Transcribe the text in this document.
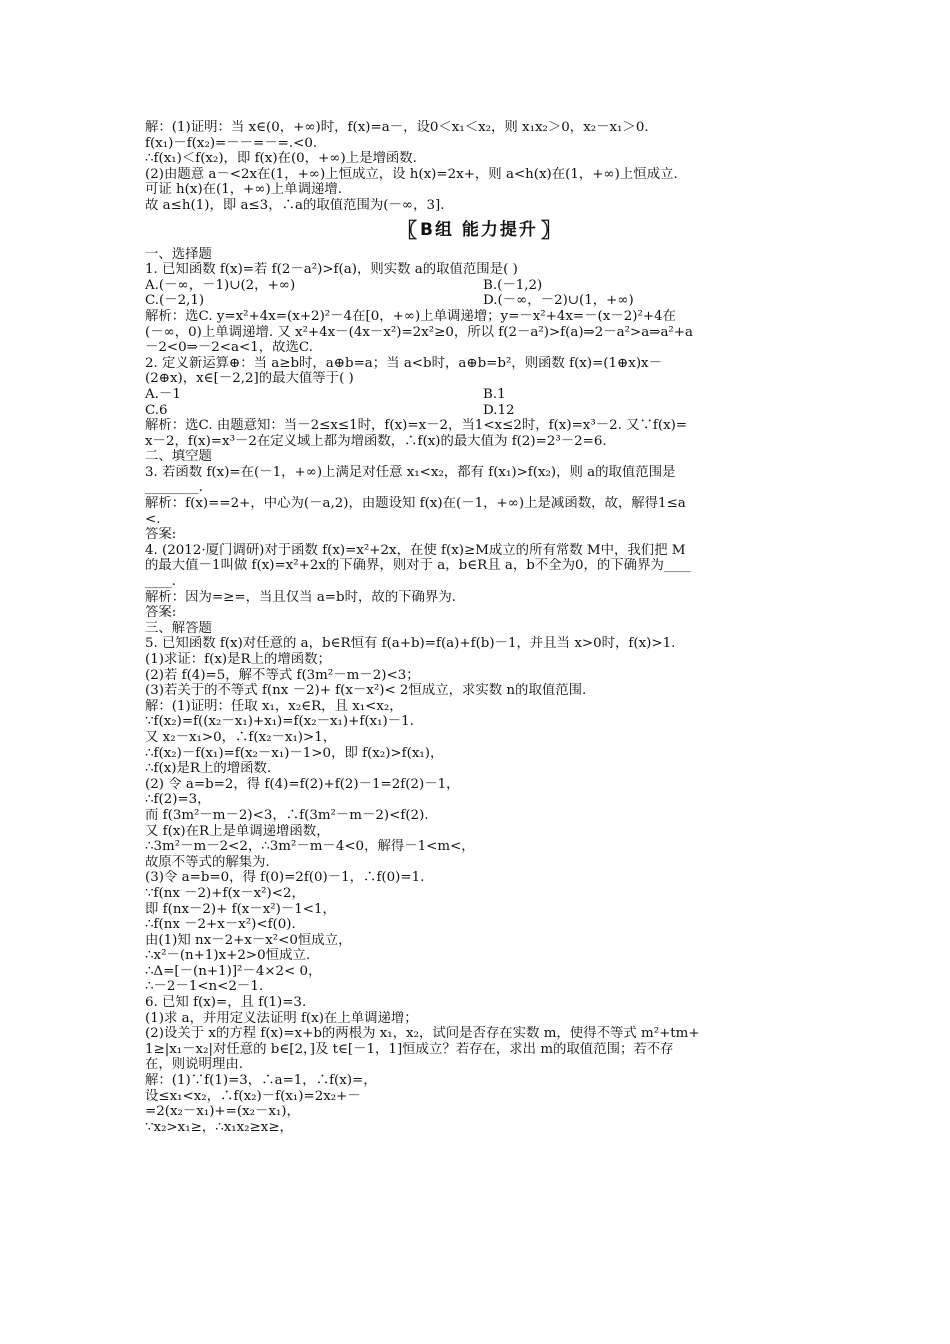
解：(1)证明：当 x∈(0，+∞)时，f(x)=a－，设0＜x₁＜x₂，则 x₁x₂＞0，x₂－x₁＞0.
f(x₁)－f(x₂)=－－=－=.<0.
∴f(x₁)＜f(x₂)，即 f(x)在(0，+∞)上是增函数.
(2)由题意 a－<2x在(1，+∞)上恒成立，设 h(x)=2x+，则 a<h(x)在(1，+∞)上恒成立.
可证 h(x)在(1，+∞)上单调递增.
故 a≤h(1)，即 a≤3，∴a的取值范围为(－∞，3].
〖 B组 能力提升 〗
一、选择题
1. 已知函数 f(x)=若 f(2－a²)>f(a)，则实数 a的取值范围是( )
A.(－∞，－1)∪(2，+∞)	B.(－1,2)
C.(－2,1)	D.(－∞，－2)∪(1，+∞)
解析：选C. y=x²+4x=(x+2)²－4在[0，+∞)上单调递增；y=－x²+4x=－(x－2)²+4在
(－∞，0)上单调递增. 又 x²+4x－(4x－x²)=2x²≥0，所以 f(2－a²)>f(a)⇒2－a²>a⇒a²+a
－2<0⇒－2<a<1，故选C.
2. 定义新运算⊕：当 a≥b时，a⊕b=a；当 a<b时，a⊕b=b²，则函数 f(x)=(1⊕x)x－
(2⊕x)，x∈[－2,2]的最大值等于( )
A.－1	B.1
C.6	D.12
解析：选C. 由题意知：当－2≤x≤1时，f(x)=x－2，当1<x≤2时，f(x)=x³－2. 又∵f(x)=
x－2，f(x)=x³－2在定义域上都为增函数，∴f(x)的最大值为 f(2)=2³－2=6.
二、填空题
3. 若函数 f(x)=在(－1，+∞)上满足对任意 x₁<x₂，都有 f(x₁)>f(x₂)，则 a的取值范围是
________.
解析：f(x)==2+，中心为(－a,2)，由题设知 f(x)在(－1，+∞)上是减函数，故，解得1≤a
<.
答案:
4. (2012·厦门调研)对于函数 f(x)=x²+2x，在使 f(x)≥M成立的所有常数 M中，我们把 M
的最大值－1叫做 f(x)=x²+2x的下确界，则对于 a，b∈R且 a，b不全为0，的下确界为____
____.
解析：因为=≥=，当且仅当 a=b时，故的下确界为.
答案:
三、解答题
5. 已知函数 f(x)对任意的 a，b∈R恒有 f(a+b)=f(a)+f(b)－1，并且当 x>0时，f(x)>1.
(1)求证：f(x)是R上的增函数；
(2)若 f(4)=5，解不等式 f(3m²－m－2)<3；
(3)若关于的不等式 f(nx －2)+ f(x－x²)< 2恒成立，求实数 n的取值范围.
解：(1)证明：任取 x₁，x₂∈R，且 x₁<x₂，
∵f(x₂)=f((x₂－x₁)+x₁)=f(x₂－x₁)+f(x₁)－1.
又 x₂－x₁>0，∴f(x₂－x₁)>1，
∴f(x₂)－f(x₁)=f(x₂－x₁)－1>0，即 f(x₂)>f(x₁)，
∴f(x)是R上的增函数.
(2) 令 a=b=2，得 f(4)=f(2)+f(2)－1=2f(2)－1，
∴f(2)=3，
而 f(3m²－m－2)<3，∴f(3m²－m－2)<f(2).
又 f(x)在R上是单调递增函数，
∴3m²－m－2<2，∴3m²－m－4<0，解得－1<m<，
故原不等式的解集为.
(3)令 a=b=0，得 f(0)=2f(0)－1，∴f(0)=1.
∵f(nx －2)+f(x－x²)<2，
即 f(nx－2)+ f(x－x²)－1<1，
∴f(nx －2+x－x²)<f(0).
由(1)知 nx－2+x－x²<0恒成立，
∴x²－(n+1)x+2>0恒成立.
∴Δ=[－(n+1)]²－4×2< 0，
∴－2－1<n<2－1.
6. 已知 f(x)=，且 f(1)=3.
(1)求 a，并用定义法证明 f(x)在上单调递增；
(2)设关于 x的方程 f(x)=x+b的两根为 x₁，x₂，试问是否存在实数 m，使得不等式 m²+tm+
1≥|x₁－x₂|对任意的 b∈[2，]及 t∈[－1，1]恒成立？若存在，求出 m的取值范围；若不存
在，则说明理由.
解：(1)∵f(1)=3，∴a=1，∴f(x)=，
设≤x₁<x₂，∴f(x₂)－f(x₁)=2x₂+－
=2(x₂－x₁)+=(x₂－x₁)，
∵x₂>x₁≥，∴x₁x₂≥x≥，
